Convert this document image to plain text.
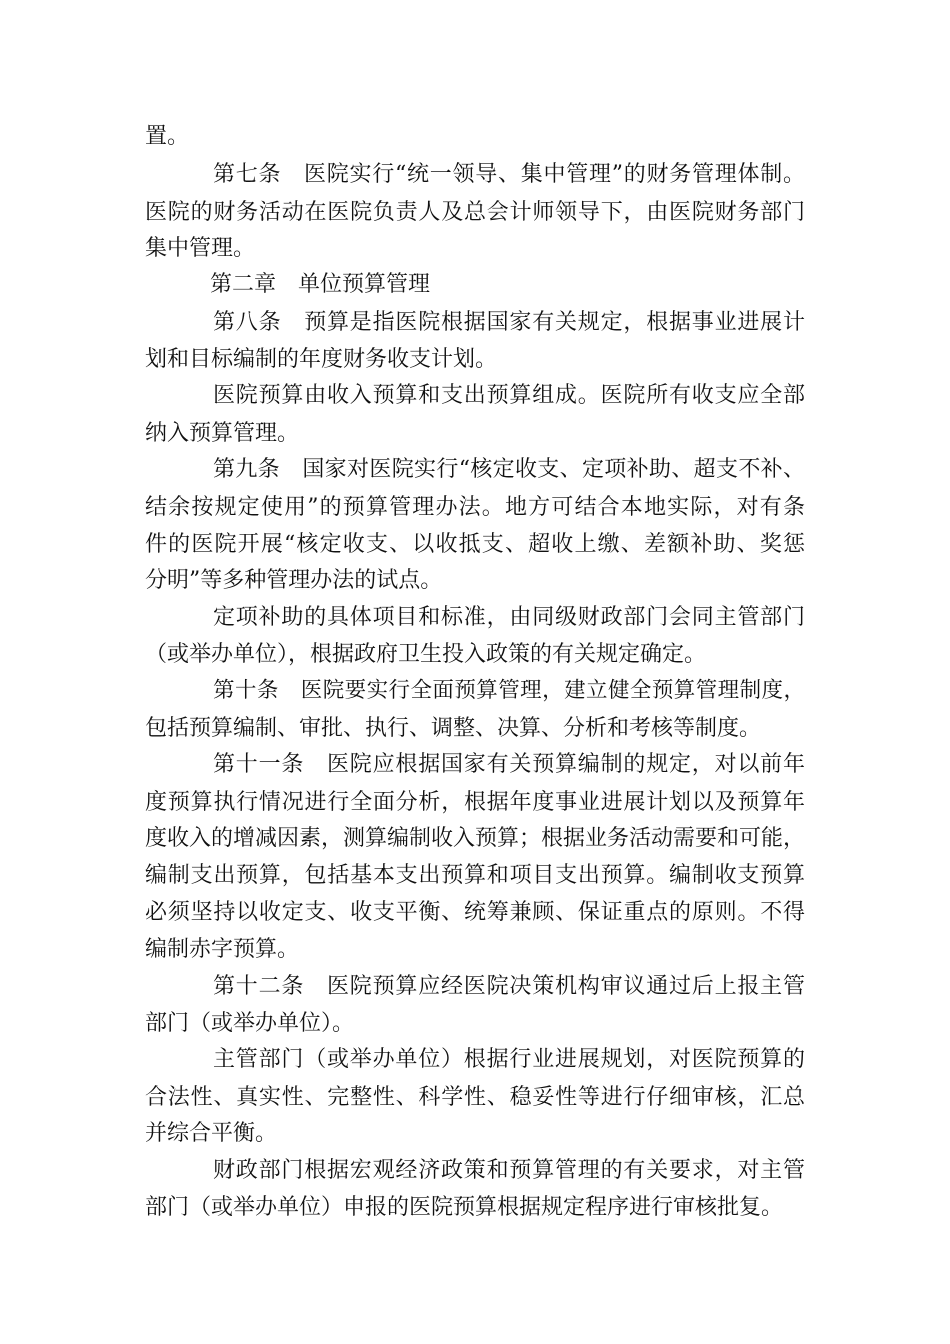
置。
第七条　医院实行“统一领导、集中管理”的财务管理体制。
医院的财务活动在医院负责人及总会计师领导下，由医院财务部门
集中管理。
第二章　单位预算管理
第八条　预算是指医院根据国家有关规定，根据事业进展计
划和目标编制的年度财务收支计划。
医院预算由收入预算和支出预算组成。医院所有收支应全部
纳入预算管理。
第九条　国家对医院实行“核定收支、定项补助、超支不补、
结余按规定使用”的预算管理办法。地方可结合本地实际，对有条
件的医院开展“核定收支、以收抵支、超收上缴、差额补助、奖惩
分明”等多种管理办法的试点。
定项补助的具体项目和标准，由同级财政部门会同主管部门
（或举办单位），根据政府卫生投入政策的有关规定确定。
第十条　医院要实行全面预算管理，建立健全预算管理制度，
包括预算编制、审批、执行、调整、决算、分析和考核等制度。
第十一条　医院应根据国家有关预算编制的规定，对以前年
度预算执行情况进行全面分析，根据年度事业进展计划以及预算年
度收入的增减因素，测算编制收入预算；根据业务活动需要和可能，
编制支出预算，包括基本支出预算和项目支出预算。编制收支预算
必须坚持以收定支、收支平衡、统筹兼顾、保证重点的原则。不得
编制赤字预算。
第十二条　医院预算应经医院决策机构审议通过后上报主管
部门（或举办单位）。
主管部门（或举办单位）根据行业进展规划，对医院预算的
合法性、真实性、完整性、科学性、稳妥性等进行仔细审核，汇总
并综合平衡。
财政部门根据宏观经济政策和预算管理的有关要求，对主管
部门（或举办单位）申报的医院预算根据规定程序进行审核批复。
